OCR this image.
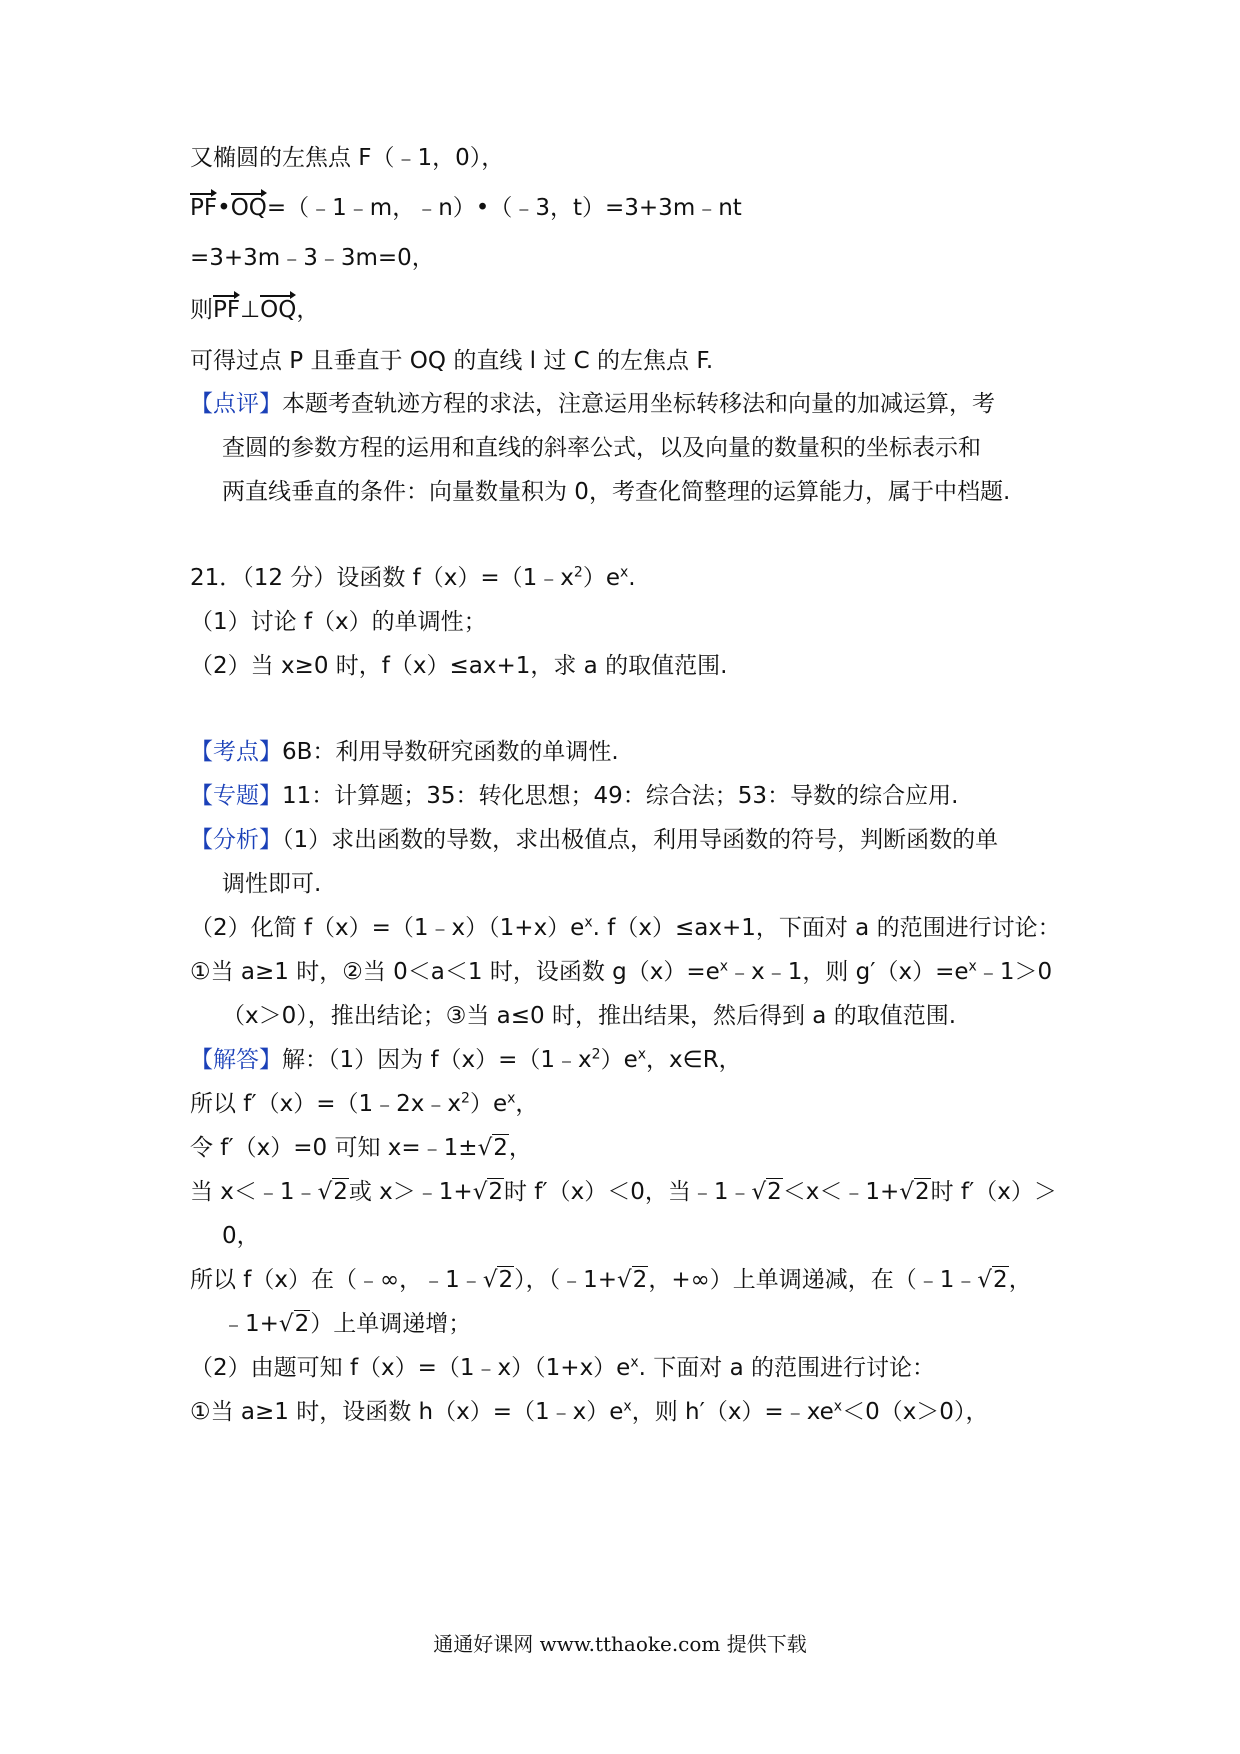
又椭圆的左焦点 F（﹣1，0），
PF•OQ=（﹣1﹣m，﹣n）•（﹣3，t）=3+3m﹣nt
=3+3m﹣3﹣3m=0，
则PF⊥OQ，
可得过点 P 且垂直于 OQ 的直线 l 过 C 的左焦点 F.
【点评】本题考查轨迹方程的求法，注意运用坐标转移法和向量的加减运算，考
查圆的参数方程的运用和直线的斜率公式，以及向量的数量积的坐标表示和
两直线垂直的条件：向量数量积为 0，考查化简整理的运算能力，属于中档题.
21．（12 分）设函数 $f(x)=(1﹣x^2)e^x$.
（1）讨论 f（x）的单调性；
（2）当 x≥0 时，f（x）≤ax+1，求 a 的取值范围.
【考点】6B：利用导数研究函数的单调性.
【专题】11：计算题；35：转化思想；49：综合法；53：导数的综合应用.
【分析】（1）求出函数的导数，求出极值点，利用导函数的符号，判断函数的单
调性即可.
（2）化简 $f(x)=(1﹣x)(1+x)e^x$. f（x）≤ax+1，下面对 a 的范围进行讨论：
①当 a≥1 时，②当 0＜a＜1 时，设函数 $g(x)=e^x﹣x﹣1$，则 $g'(x)=e^x﹣1>0$
（x＞0），推出结论；③当 a≤0 时，推出结果，然后得到 a 的取值范围.
【解答】解：（1）因为 $f(x)=(1﹣x^2)e^x$，x∈R，
所以 $f'(x)=(1﹣2x﹣x^2)e^x$，
令 f′（x）=0 可知 x=﹣1±√2，
当 x＜﹣1﹣√2或 x＞﹣1+√2时 f′（x）＜0，当﹣1﹣√2＜x＜﹣1+√2时 f′（x）＞
0，
所以 f（x）在（﹣∞，﹣1﹣√2），（﹣1+√2，+∞）上单调递减，在（﹣1﹣√2，
﹣1+√2）上单调递增；
（2）由题可知 $f(x)=(1﹣x)(1+x)e^x$. 下面对 a 的范围进行讨论：
①当 a≥1 时，设函数 $h(x)=(1﹣x)e^x$，则 $h'(x)=﹣xe^x<0(x>0)$，
通通好课网 www.tthaoke.com 提供下载
